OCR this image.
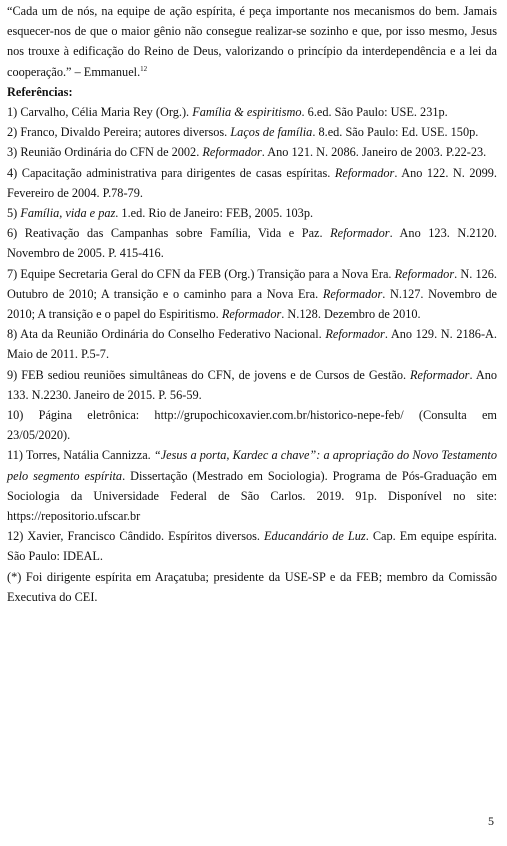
“Cada um de nós, na equipe de ação espírita, é peça importante nos mecanismos do bem. Jamais esquecer-nos de que o maior gênio não consegue realizar-se sozinho e que, por isso mesmo, Jesus nos trouxe à edificação do Reino de Deus, valorizando o princípio da interdependência e a lei da cooperação.” – Emmanuel.$^{12}$

Referências:

1) Carvalho, Célia Maria Rey (Org.). Família & espiritismo. 6.ed. São Paulo: USE. 231p.

2) Franco, Divaldo Pereira; autores diversos. Laços de família. 8.ed. São Paulo: Ed. USE. 150p.

3) Reunião Ordinária do CFN de 2002. Reformador. Ano 121. N. 2086. Janeiro de 2003. P.22-23.

4) Capacitação administrativa para dirigentes de casas espíritas. Reformador. Ano 122. N. 2099. Fevereiro de 2004. P.78-79.

5) Família, vida e paz. 1.ed. Rio de Janeiro: FEB, 2005. 103p.

6) Reativação das Campanhas sobre Família, Vida e Paz. Reformador. Ano 123. N.2120. Novembro de 2005. P. 415-416.

7) Equipe Secretaria Geral do CFN da FEB (Org.) Transição para a Nova Era. Reformador. N. 126. Outubro de 2010; A transição e o caminho para a Nova Era. Reformador. N.127. Novembro de 2010; A transição e o papel do Espiritismo. Reformador. N.128. Dezembro de 2010.

8) Ata da Reunião Ordinária do Conselho Federativo Nacional. Reformador. Ano 129. N. 2186-A. Maio de 2011. P.5-7.

9) FEB sediou reuniões simultâneas do CFN, de jovens e de Cursos de Gestão. Reformador. Ano 133. N.2230. Janeiro de 2015. P. 56-59.

10) Página eletrônica: http://grupochicoxavier.com.br/historico-nepe-feb/ (Consulta em 23/05/2020).

11) Torres, Natália Cannizza. “Jesus a porta, Kardec a chave”: a apropriação do Novo Testamento pelo segmento espírita. Dissertação (Mestrado em Sociologia). Programa de Pós-Graduação em Sociologia da Universidade Federal de São Carlos. 2019. 91p. Disponível no site: https://repositorio.ufscar.br

12) Xavier, Francisco Cândido. Espíritos diversos. Educandário de Luz. Cap. Em equipe espírita. São Paulo: IDEAL.

(*) Foi dirigente espírita em Araçatuba; presidente da USE-SP e da FEB; membro da Comissão Executiva do CEI.

5
